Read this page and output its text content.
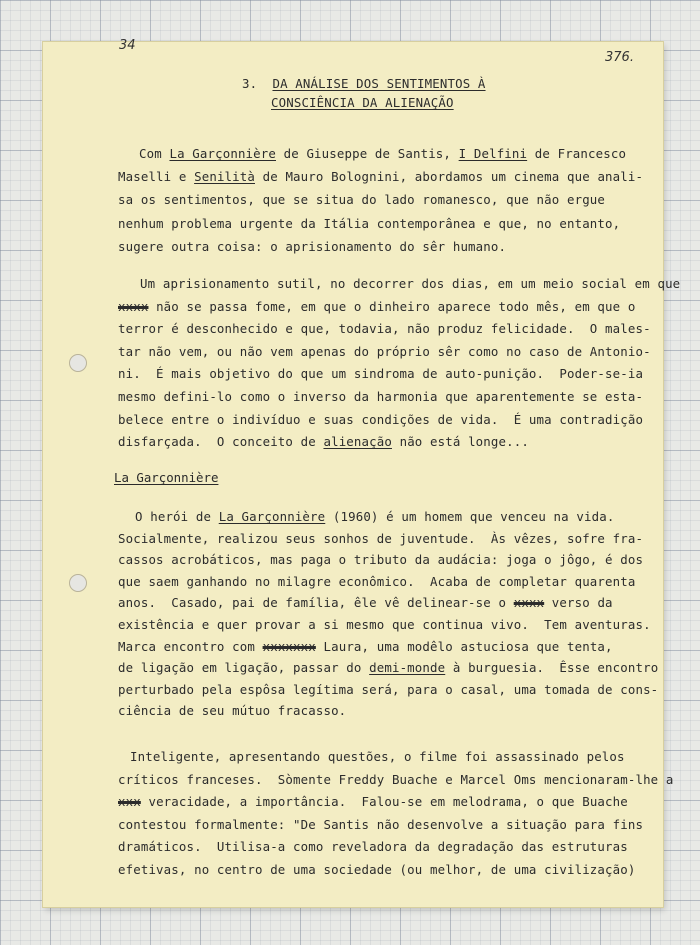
34
376.
3. DA ANÁLISE DOS SENTIMENTOS À
CONSCIÊNCIA DA ALIENAÇÃO
Com La Garçonnière de Giuseppe de Santis, I Delfini de Francesco
Maselli e Senilità de Mauro Bolognini, abordamos um cinema que anali-
sa os sentimentos, que se situa do lado romanesco, que não ergue
nenhum problema urgente da Itália contemporânea e que, no entanto,
sugere outra coisa: o aprisionamento do sêr humano.
Um aprisionamento sutil, no decorrer dos dias, em um meio social em que
xxxx não se passa fome, em que o dinheiro aparece todo mês, em que o
terror é desconhecido e que, todavia, não produz felicidade.  O males-
tar não vem, ou não vem apenas do próprio sêr como no caso de Antonio-
ni.  É mais objetivo do que um sindroma de auto-punição.  Poder-se-ia
mesmo defini-lo como o inverso da harmonia que aparentemente se esta-
belece entre o indivíduo e suas condições de vida.  É uma contradição
disfarçada.  O conceito de alienação não está longe...
La Garçonnière
O herói de La Garçonnière (1960) é um homem que venceu na vida.
Socialmente, realizou seus sonhos de juventude.  Às vêzes, sofre fra-
cassos acrobáticos, mas paga o tributo da audácia: joga o jôgo, é dos
que saem ganhando no milagre econômico.  Acaba de completar quarenta
anos.  Casado, pai de família, êle vê delinear-se o xxxx verso da
existência e quer provar a si mesmo que continua vivo.  Tem aventuras.
Marca encontro com xxxxxxx Laura, uma modêlo astuciosa que tenta,
de ligação em ligação, passar do demi-monde à burguesia.  Êsse encontro
perturbado pela espôsa legítima será, para o casal, uma tomada de cons-
ciência de seu mútuo fracasso.
Inteligente, apresentando questões, o filme foi assassinado pelos
críticos franceses.  Sòmente Freddy Buache e Marcel Oms mencionaram-lhe a
xxx veracidade, a importância.  Falou-se em melodrama, o que Buache
contestou formalmente: "De Santis não desenvolve a situação para fins
dramáticos.  Utilisa-a como reveladora da degradação das estruturas
efetivas, no centro de uma sociedade (ou melhor, de uma civilização)
